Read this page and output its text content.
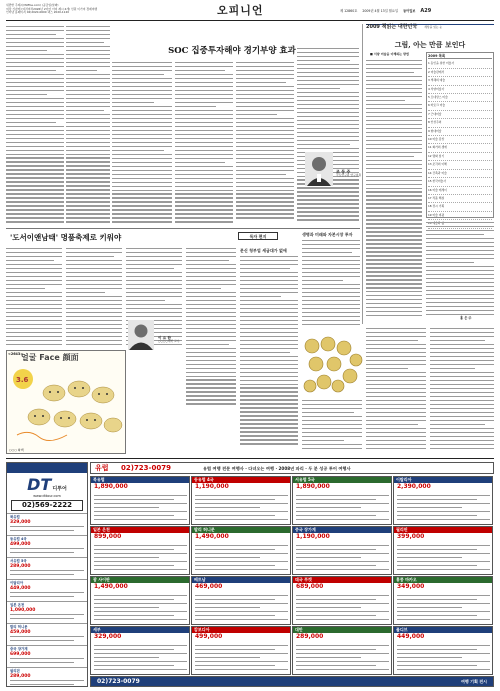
위반한 주제시(Wiffoe.com) (공급일/날짜)
여당 기자에 (여러여러2026년 2이어 이여 제시 4개) 선원 이가여 경제여행
인터넷 홈페이지 02)2020-0600 팩스 2020-1120	오피니언	제 12860호 2009년 4월 13일 월요일 동아일보 A29
SOC 집중투자해야 경기부양 효과
조 동 주
국토연구원 연구위원
2009 책읽는 대한민국	세상을 읽는 눈
그림, 아는 만큼 보인다
■ 서양 미술을 이해하는 방법	2009 목록
1 동인을 위한 미술사
2 미술관에서
3 색채의 예술
4 서양미술사
5 르네상스 미술
6 바로크 미술
7 근대미술
8 인상주의
9 현대미술
10 미술 감상
11 화가의 생애
12 명화 읽기
13 조각의 이해
14 건축과 미술
15 한국미술사
16 미술 에세이
17 작품 해설
18 전시 기획
19 미술 비평
홍 은 주
'도서이앤남태' 명품축제로 키워야
이 요 한
○○○○대학 교수
<2643>
얼굴 Face 顔面
3.6
○○○ 화백
독자 편지
문신 청부업 세금대가 없애
생명과 미래와 자본시장 투자
DT 디투어
www.dttour.com
02)569-2222
북유럽
329,000
동유럽 4국
499,000
서유럽 5국
289,000
이탈리아
449,000
일본 온천
1,090,000
발리 허니문
459,000
중국 장가계
699,000
필리핀
289,000
유럽 02)723-0079	유럽 여행 전문 여행사 · 다녀오는 여행 · 2008년 파리 · 두 분 성공 투어 여행사
북유럽
1,890,000
동유럽 4국
1,190,000
서유럽 5국
1,890,000
이탈리아
2,390,000
일본 온천
899,000
발리 허니문
1,490,000
중국 장가계
1,190,000
필리핀
399,000
괌 사이판
1,490,000
베트남
469,000
태국 푸켓
689,000
홍콩 마카오
349,000
세부
329,000
캄보디아
499,000
대만
289,000
몰디브
449,000
02)723-0079	여행 기획 전시
